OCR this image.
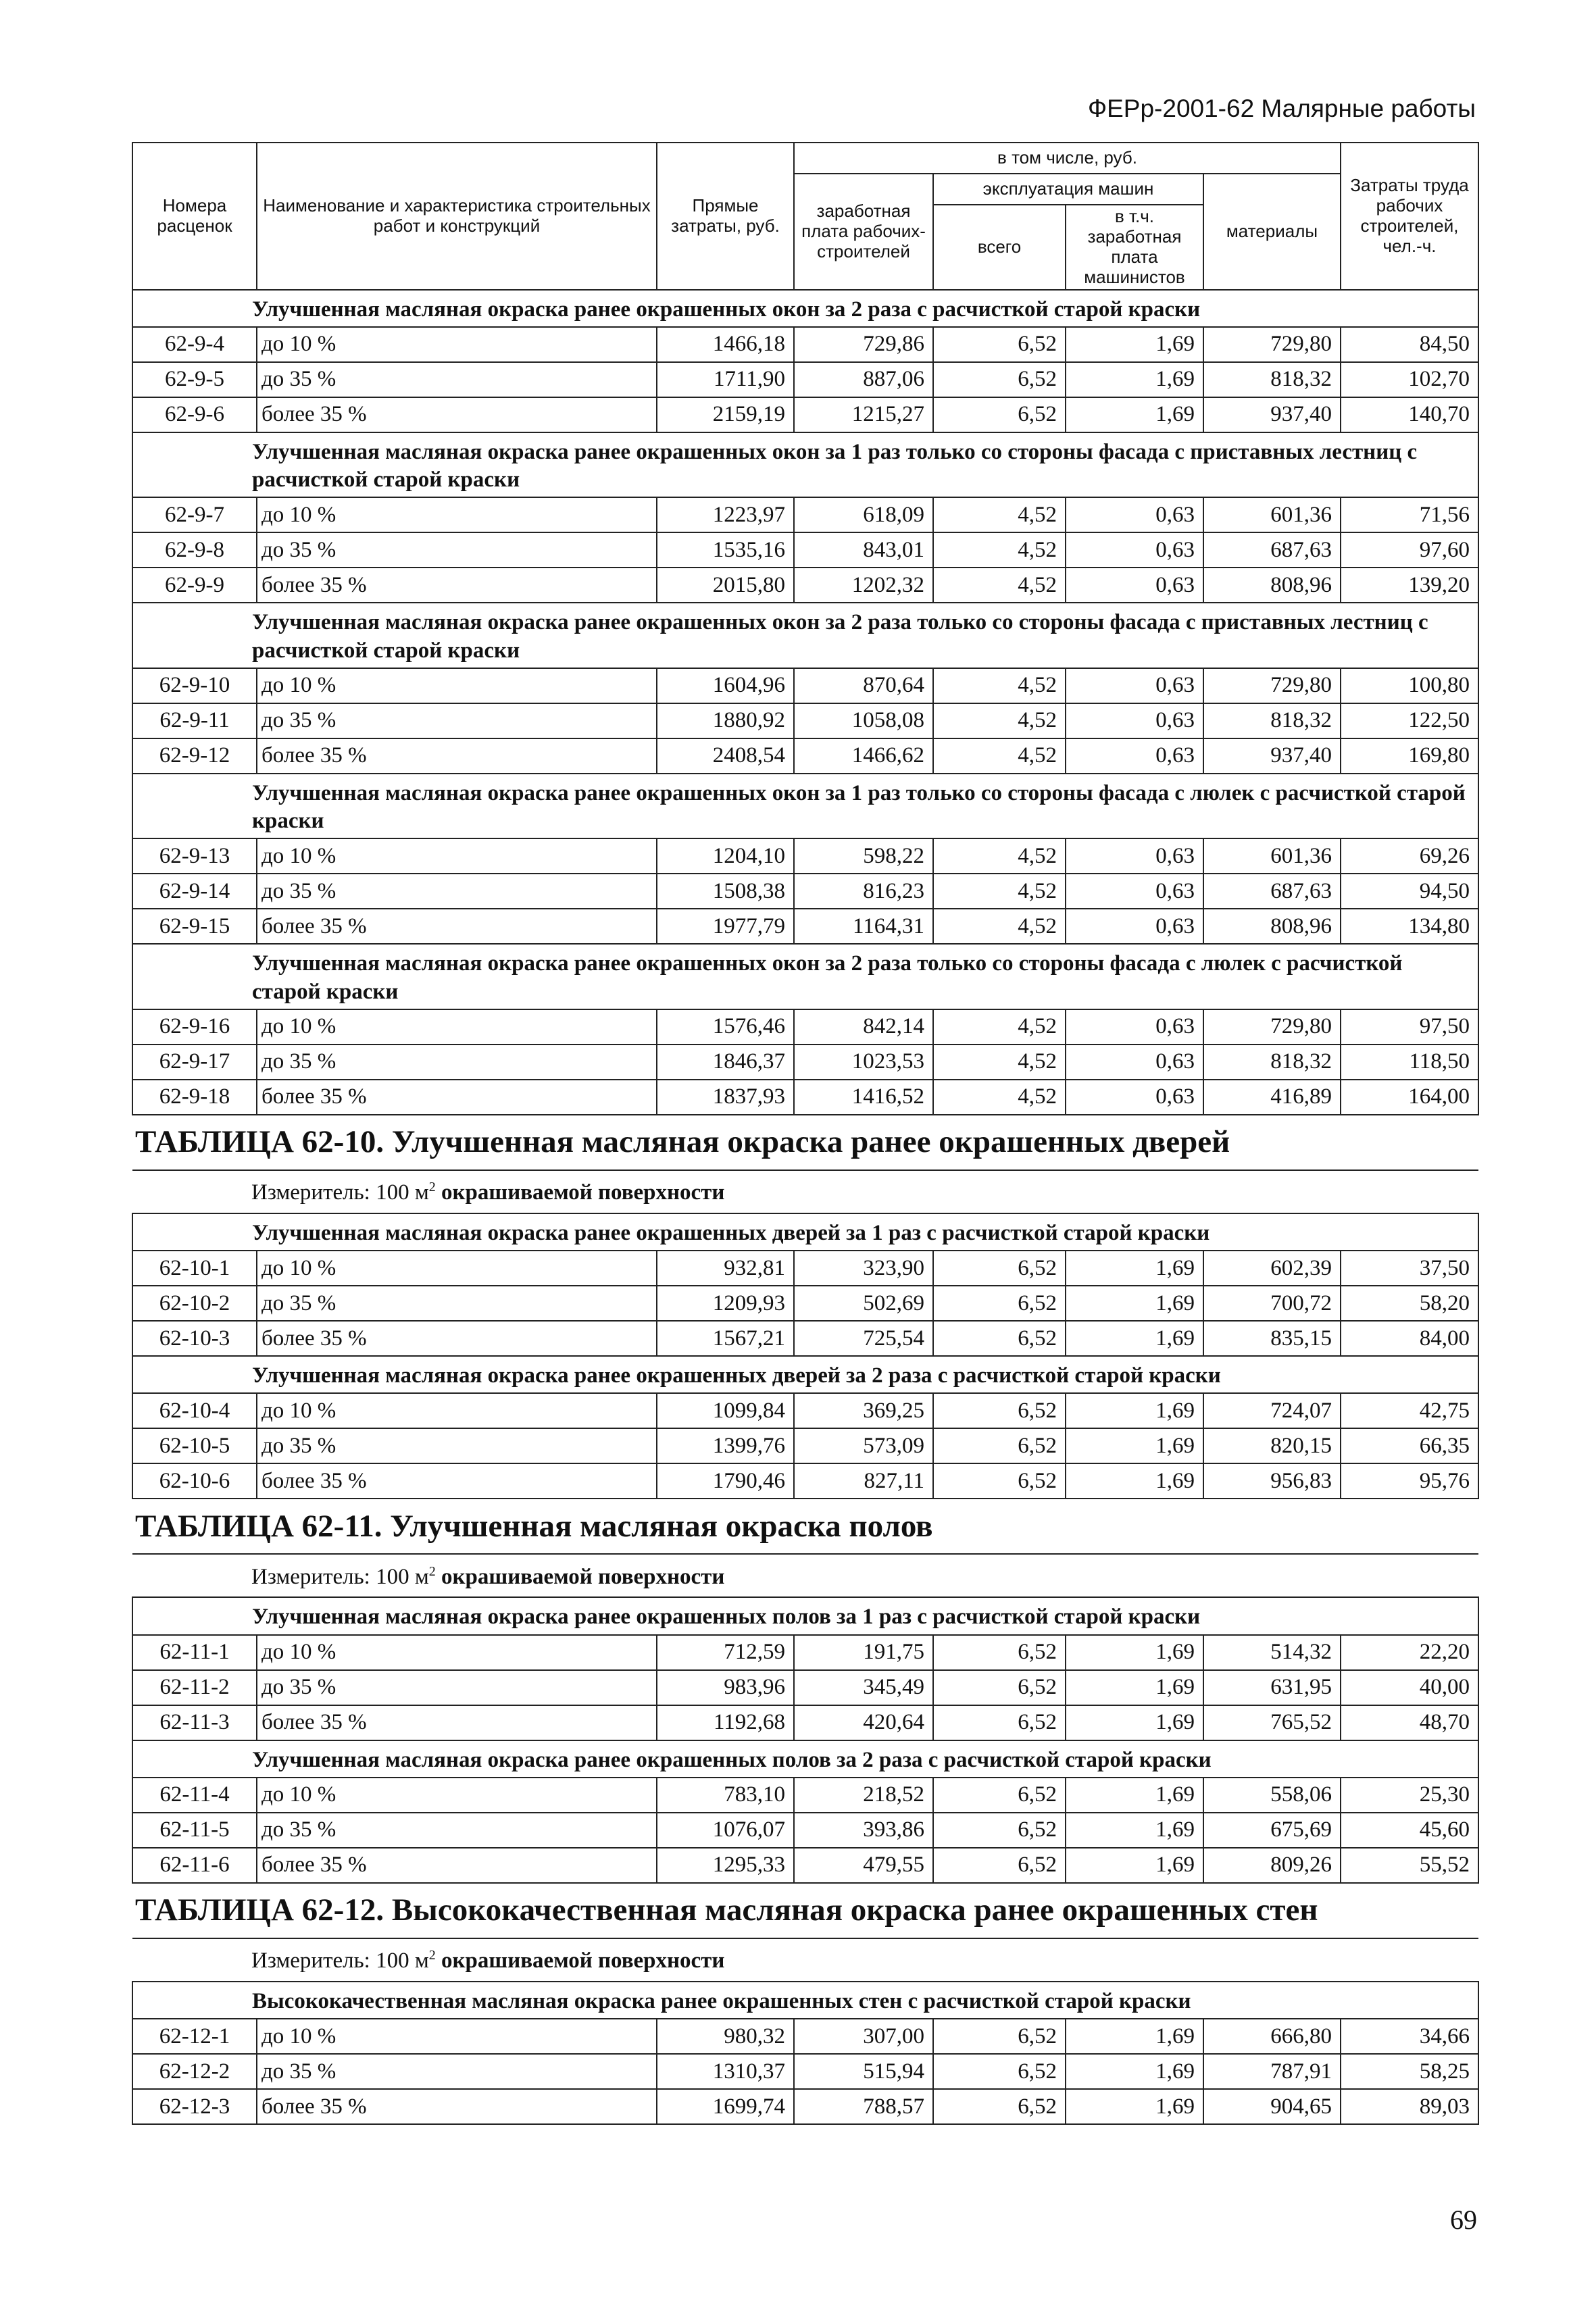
ФЕРр-2001-62 Малярные работы
Номера расценок	Наименование и характеристика строительных работ и конструкций	Прямые затраты, руб.	в том числе, руб.				Затраты труда рабочих строителей, чел.-ч.
			заработная плата рабочих-строителей	эксплуатация машин		материалы	
				всего	в т.ч. заработная плата машинистов		
Улучшенная масляная окраска ранее окрашенных окон за 2 раза с расчисткой старой краски							
62-9-4	до 10 %	1466,18	729,86	6,52	1,69	729,80	84,50
62-9-5	до 35 %	1711,90	887,06	6,52	1,69	818,32	102,70
62-9-6	более 35 %	2159,19	1215,27	6,52	1,69	937,40	140,70
Улучшенная масляная окраска ранее окрашенных окон за 1 раз только со стороны фасада с приставных лестниц с расчисткой старой краски							
62-9-7	до 10 %	1223,97	618,09	4,52	0,63	601,36	71,56
62-9-8	до 35 %	1535,16	843,01	4,52	0,63	687,63	97,60
62-9-9	более 35 %	2015,80	1202,32	4,52	0,63	808,96	139,20
Улучшенная масляная окраска ранее окрашенных окон за 2 раза только со стороны фасада с приставных лестниц с расчисткой старой краски							
62-9-10	до 10 %	1604,96	870,64	4,52	0,63	729,80	100,80
62-9-11	до 35 %	1880,92	1058,08	4,52	0,63	818,32	122,50
62-9-12	более 35 %	2408,54	1466,62	4,52	0,63	937,40	169,80
Улучшенная масляная окраска ранее окрашенных окон за 1 раз только со стороны фасада с люлек с расчисткой старой краски							
62-9-13	до 10 %	1204,10	598,22	4,52	0,63	601,36	69,26
62-9-14	до 35 %	1508,38	816,23	4,52	0,63	687,63	94,50
62-9-15	более 35 %	1977,79	1164,31	4,52	0,63	808,96	134,80
Улучшенная масляная окраска ранее окрашенных окон за 2 раза только со стороны фасада с люлек с расчисткой старой краски							
62-9-16	до 10 %	1576,46	842,14	4,52	0,63	729,80	97,50
62-9-17	до 35 %	1846,37	1023,53	4,52	0,63	818,32	118,50
62-9-18	более 35 %	1837,93	1416,52	4,52	0,63	416,89	164,00
ТАБЛИЦА 62-10. Улучшенная масляная окраска ранее окрашенных дверей							
Измеритель: 100 $м^2$ окрашиваемой поверхности							
Улучшенная масляная окраска ранее окрашенных дверей за 1 раз с расчисткой старой краски							
62-10-1	до 10 %	932,81	323,90	6,52	1,69	602,39	37,50
62-10-2	до 35 %	1209,93	502,69	6,52	1,69	700,72	58,20
62-10-3	более 35 %	1567,21	725,54	6,52	1,69	835,15	84,00
Улучшенная масляная окраска ранее окрашенных дверей за 2 раза с расчисткой старой краски							
62-10-4	до 10 %	1099,84	369,25	6,52	1,69	724,07	42,75
62-10-5	до 35 %	1399,76	573,09	6,52	1,69	820,15	66,35
62-10-6	более 35 %	1790,46	827,11	6,52	1,69	956,83	95,76
ТАБЛИЦА 62-11. Улучшенная масляная окраска полов							
Измеритель: 100 $м^2$ окрашиваемой поверхности							
Улучшенная масляная окраска ранее окрашенных полов за 1 раз с расчисткой старой краски							
62-11-1	до 10 %	712,59	191,75	6,52	1,69	514,32	22,20
62-11-2	до 35 %	983,96	345,49	6,52	1,69	631,95	40,00
62-11-3	более 35 %	1192,68	420,64	6,52	1,69	765,52	48,70
Улучшенная масляная окраска ранее окрашенных полов за 2 раза с расчисткой старой краски							
62-11-4	до 10 %	783,10	218,52	6,52	1,69	558,06	25,30
62-11-5	до 35 %	1076,07	393,86	6,52	1,69	675,69	45,60
62-11-6	более 35 %	1295,33	479,55	6,52	1,69	809,26	55,52
ТАБЛИЦА 62-12. Высококачественная масляная окраска ранее окрашенных стен							
Измеритель: 100 $м^2$ окрашиваемой поверхности							
Высококачественная масляная окраска ранее окрашенных стен с расчисткой старой краски							
62-12-1	до 10 %	980,32	307,00	6,52	1,69	666,80	34,66
62-12-2	до 35 %	1310,37	515,94	6,52	1,69	787,91	58,25
62-12-3	более 35 %	1699,74	788,57	6,52	1,69	904,65	89,03
69
